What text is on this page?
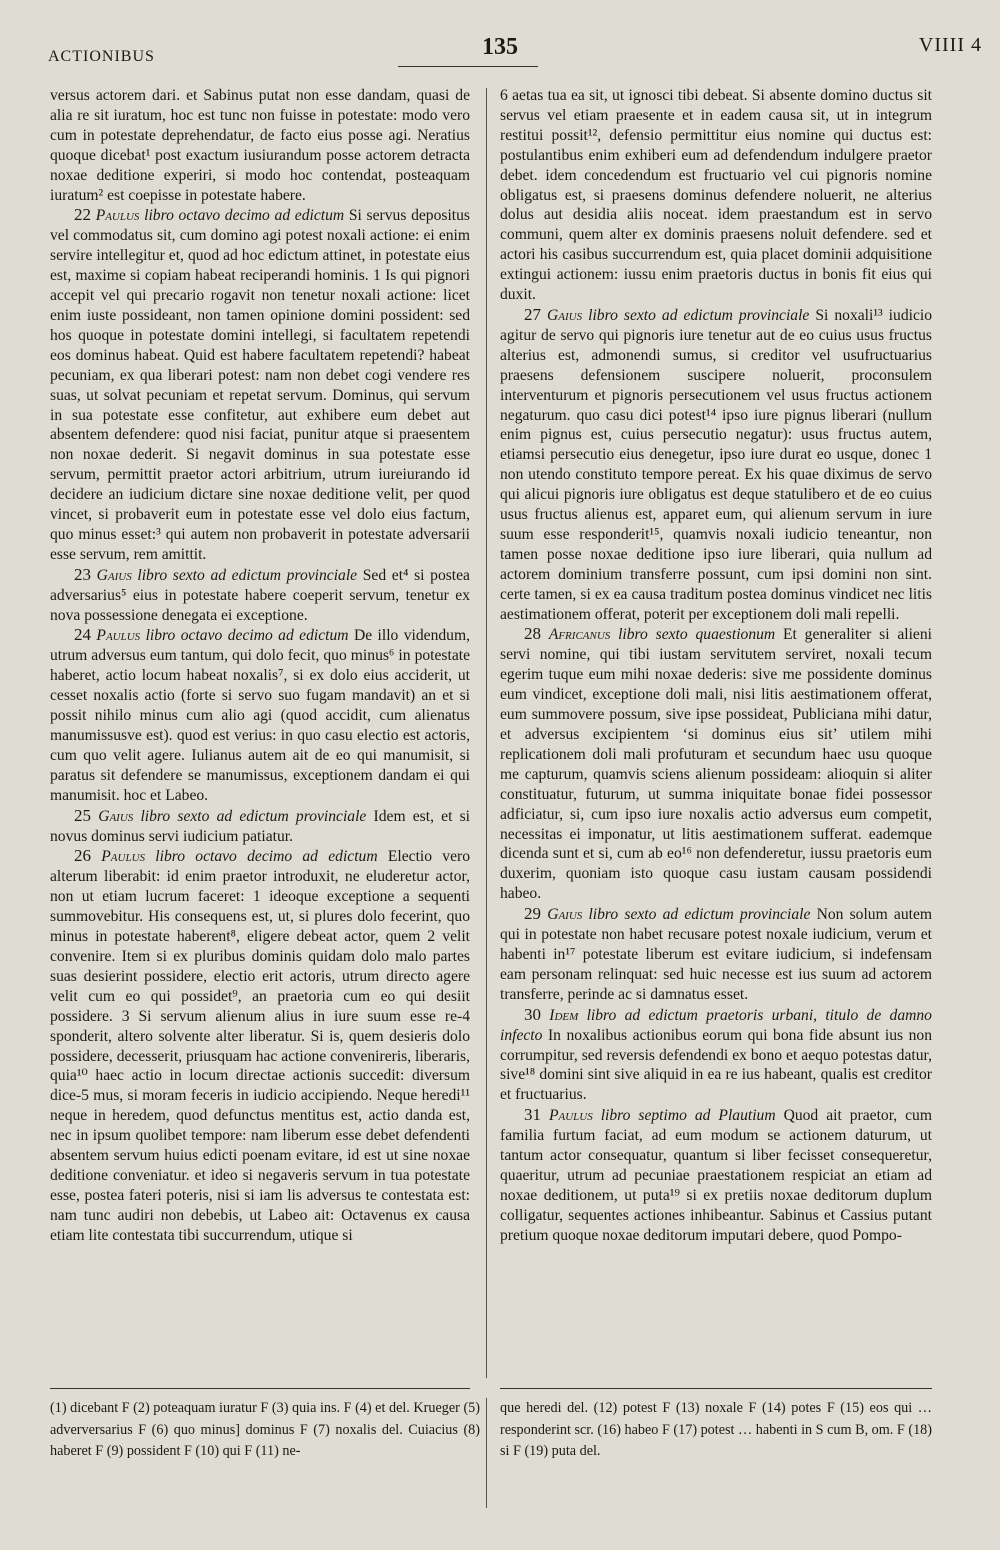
ACTIONIBUS	135	VIIII 4

versus actorem dari. et Sabinus putat non esse dandam, quasi de alia re sit iuratum, hoc est tunc non fuisse in potestate: modo vero cum in potestate deprehendatur, de facto eius posse agi. Neratius quoque dicebat¹ post exactum iusiurandum posse actorem detracta noxae deditione experiri, si modo hoc contendat, posteaquam iuratum² est coepisse in potestate habere.

22 Paulus libro octavo decimo ad edictum Si servus depositus vel commodatus sit, cum domino agi potest noxali actione: ei enim servire intellegitur et, quod ad hoc edictum attinet, in potestate eius est, maxime si copiam habeat reciperandi hominis. 1 Is qui pignori accepit vel qui precario rogavit non tenetur noxali actione: licet enim iuste possideant, non tamen opinione domini possident: sed hos quoque in potestate domini intellegi, si facultatem repetendi eos dominus habeat. Quid est habere facultatem repetendi? habeat pecuniam, ex qua liberari potest: nam non debet cogi vendere res suas, ut solvat pecuniam et repetat servum. Dominus, qui servum in sua potestate esse confitetur, aut exhibere eum debet aut absentem defendere: quod nisi faciat, punitur atque si praesentem non noxae dederit. Si negavit dominus in sua potestate esse servum, permittit praetor actori arbitrium, utrum iureiurando id decidere an iudicium dictare sine noxae deditione velit, per quod vincet, si probaverit eum in potestate esse vel dolo eius factum, quo minus esset:³ qui autem non probaverit in potestate adversarii esse servum, rem amittit.

23 Gaius libro sexto ad edictum provinciale Sed et⁴ si postea adversarius⁵ eius in potestate habere coeperit servum, tenetur ex nova possessione denegata ei exceptione.

24 Paulus libro octavo decimo ad edictum De illo videndum, utrum adversus eum tantum, qui dolo fecit, quo minus⁶ in potestate haberet, actio locum habeat noxalis⁷, si ex dolo eius acciderit, ut cesset noxalis actio (forte si servo suo fugam mandavit) an et si possit nihilo minus cum alio agi (quod accidit, cum alienatus manumissusve est). quod est verius: in quo casu electio est actoris, cum quo velit agere. Iulianus autem ait de eo qui manumisit, si paratus sit defendere se manumissus, exceptionem dandam ei qui manumisit. hoc et Labeo.

25 Gaius libro sexto ad edictum provinciale Idem est, et si novus dominus servi iudicium patiatur.

26 Paulus libro octavo decimo ad edictum Electio vero alterum liberabit: id enim praetor introduxit, ne eluderetur actor, non ut etiam lucrum faceret: 1 ideoque exceptione a sequenti summovebitur. His consequens est, ut, si plures dolo fecerint, quo minus in potestate haberent⁸, eligere debeat actor, quem 2 velit convenire. Item si ex pluribus dominis quidam dolo malo partes suas desierint possidere, electio erit actoris, utrum directo agere velit cum eo qui possidet⁹, an praetoria cum eo qui desiit possidere. 3 Si servum alienum alius in iure suum esse re-4 sponderit, altero solvente alter liberatur. Si is, quem desieris dolo possidere, decesserit, priusquam hac actione convenireris, liberaris, quia¹⁰ haec actio in locum directae actionis succedit: diversum dice-5 mus, si moram feceris in iudicio accipiendo. Neque heredi¹¹ neque in heredem, quod defunctus mentitus est, actio danda est, nec in ipsum quolibet tempore: nam liberum esse debet defendenti absentem servum huius edicti poenam evitare, id est ut sine noxae deditione conveniatur. et ideo si negaveris servum in tua potestate esse, postea fateri poteris, nisi si iam lis adversus te contestata est: nam tunc audiri non debebis, ut Labeo ait: Octavenus ex causa etiam lite contestata tibi succurrendum, utique si

6 aetas tua ea sit, ut ignosci tibi debeat. Si absente domino ductus sit servus vel etiam praesente et in eadem causa sit, ut in integrum restitui possit¹², defensio permittitur eius nomine qui ductus est: postulantibus enim exhiberi eum ad defendendum indulgere praetor debet. idem concedendum est fructuario vel cui pignoris nomine obligatus est, si praesens dominus defendere noluerit, ne alterius dolus aut desidia aliis noceat. idem praestandum est in servo communi, quem alter ex dominis praesens noluit defendere. sed et actori his casibus succurrendum est, quia placet dominii adquisitione extingui actionem: iussu enim praetoris ductus in bonis fit eius qui duxit.

27 Gaius libro sexto ad edictum provinciale Si noxali¹³ iudicio agitur de servo qui pignoris iure tenetur aut de eo cuius usus fructus alterius est, admonendi sumus, si creditor vel usufructuarius praesens defensionem suscipere noluerit, proconsulem interventurum et pignoris persecutionem vel usus fructus actionem negaturum. quo casu dici potest¹⁴ ipso iure pignus liberari (nullum enim pignus est, cuius persecutio negatur): usus fructus autem, etiamsi persecutio eius denegetur, ipso iure durat eo usque, donec 1 non utendo constituto tempore pereat. Ex his quae diximus de servo qui alicui pignoris iure obligatus est deque statulibero et de eo cuius usus fructus alienus est, apparet eum, qui alienum servum in iure suum esse responderit¹⁵, quamvis noxali iudicio teneantur, non tamen posse noxae deditione ipso iure liberari, quia nullum ad actorem dominium transferre possunt, cum ipsi domini non sint. certe tamen, si ex ea causa traditum postea dominus vindicet nec litis aestimationem offerat, poterit per exceptionem doli mali repelli.

28 Africanus libro sexto quaestionum Et generaliter si alieni servi nomine, qui tibi iustam servitutem serviret, noxali tecum egerim tuque eum mihi noxae dederis: sive me possidente dominus eum vindicet, exceptione doli mali, nisi litis aestimationem offerat, eum summovere possum, sive ipse possideat, Publiciana mihi datur, et adversus excipientem ‘si dominus eius sit’ utilem mihi replicationem doli mali profuturam et secundum haec usu quoque me capturum, quamvis sciens alienum possideam: alioquin si aliter constituatur, futurum, ut summa iniquitate bonae fidei possessor adficiatur, si, cum ipso iure noxalis actio adversus eum competit, necessitas ei imponatur, ut litis aestimationem sufferat. eademque dicenda sunt et si, cum ab eo¹⁶ non defenderetur, iussu praetoris eum duxerim, quoniam isto quoque casu iustam causam possidendi habeo.

29 Gaius libro sexto ad edictum provinciale Non solum autem qui in potestate non habet recusare potest noxale iudicium, verum et habenti in¹⁷ potestate liberum est evitare iudicium, si indefensam eam personam relinquat: sed huic necesse est ius suum ad actorem transferre, perinde ac si damnatus esset.

30 Idem libro ad edictum praetoris urbani, titulo de damno infecto In noxalibus actionibus eorum qui bona fide absunt ius non corrumpitur, sed reversis defendendi ex bono et aequo potestas datur, sive¹⁸ domini sint sive aliquid in ea re ius habeant, qualis est creditor et fructuarius.

31 Paulus libro septimo ad Plautium Quod ait praetor, cum familia furtum faciat, ad eum modum se actionem daturum, ut tantum actor consequatur, quantum si liber fecisset consequeretur, quaeritur, utrum ad pecuniae praestationem respiciat an etiam ad noxae deditionem, ut puta¹⁹ si ex pretiis noxae deditorum duplum colligatur, sequentes actiones inhibeantur. Sabinus et Cassius putant pretium quoque noxae deditorum imputari debere, quod Pompo-

(1) dicebant F (2) poteaquam iuratur F (3) quia ins. F (4) et del. Krueger (5) adverversarius F (6) quo minus] dominus F (7) noxalis del. Cuiacius (8) haberet F (9) possident F (10) qui F (11) ne-

que heredi del. (12) potest F (13) noxale F (14) potes F (15) eos qui … responderint scr. (16) habeo F (17) potest … habenti in S cum B, om. F (18) si F (19) puta del.
